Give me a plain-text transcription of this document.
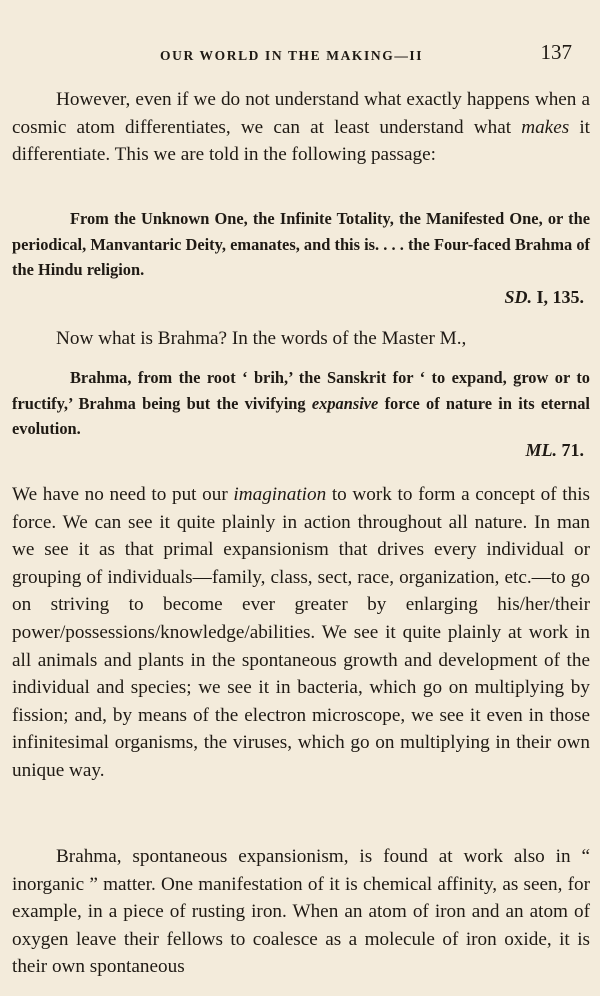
OUR WORLD IN THE MAKING—II	137

However, even if we do not understand what exactly happens when a cosmic atom differentiates, we can at least understand what makes it differentiate. This we are told in the following passage:

From the Unknown One, the Infinite Totality, the Manifested One, or the periodical, Manvantaric Deity, emanates, and this is. . . . the Four-faced Brahma of the Hindu religion.

SD. I, 135.

Now what is Brahma? In the words of the Master M.,

Brahma, from the root ‘ brih,’ the Sanskrit for ‘ to expand, grow or to fructify,’ Brahma being but the vivifying expansive force of nature in its eternal evolution.

ML. 71.

We have no need to put our imagination to work to form a concept of this force. We can see it quite plainly in action throughout all nature. In man we see it as that primal expansionism that drives every individual or grouping of individuals—family, class, sect, race, organization, etc.—to go on striving to become ever greater by enlarging his/her/their power/possessions/knowledge/abilities. We see it quite plainly at work in all animals and plants in the spontaneous growth and development of the individual and species; we see it in bacteria, which go on multiplying by fission; and, by means of the electron microscope, we see it even in those infinitesimal organisms, the viruses, which go on multiplying in their own unique way.

Brahma, spontaneous expansionism, is found at work also in “ inorganic ” matter. One manifestation of it is chemical affinity, as seen, for example, in a piece of rusting iron. When an atom of iron and an atom of oxygen leave their fellows to coalesce as a molecule of iron oxide, it is their own spontaneous
